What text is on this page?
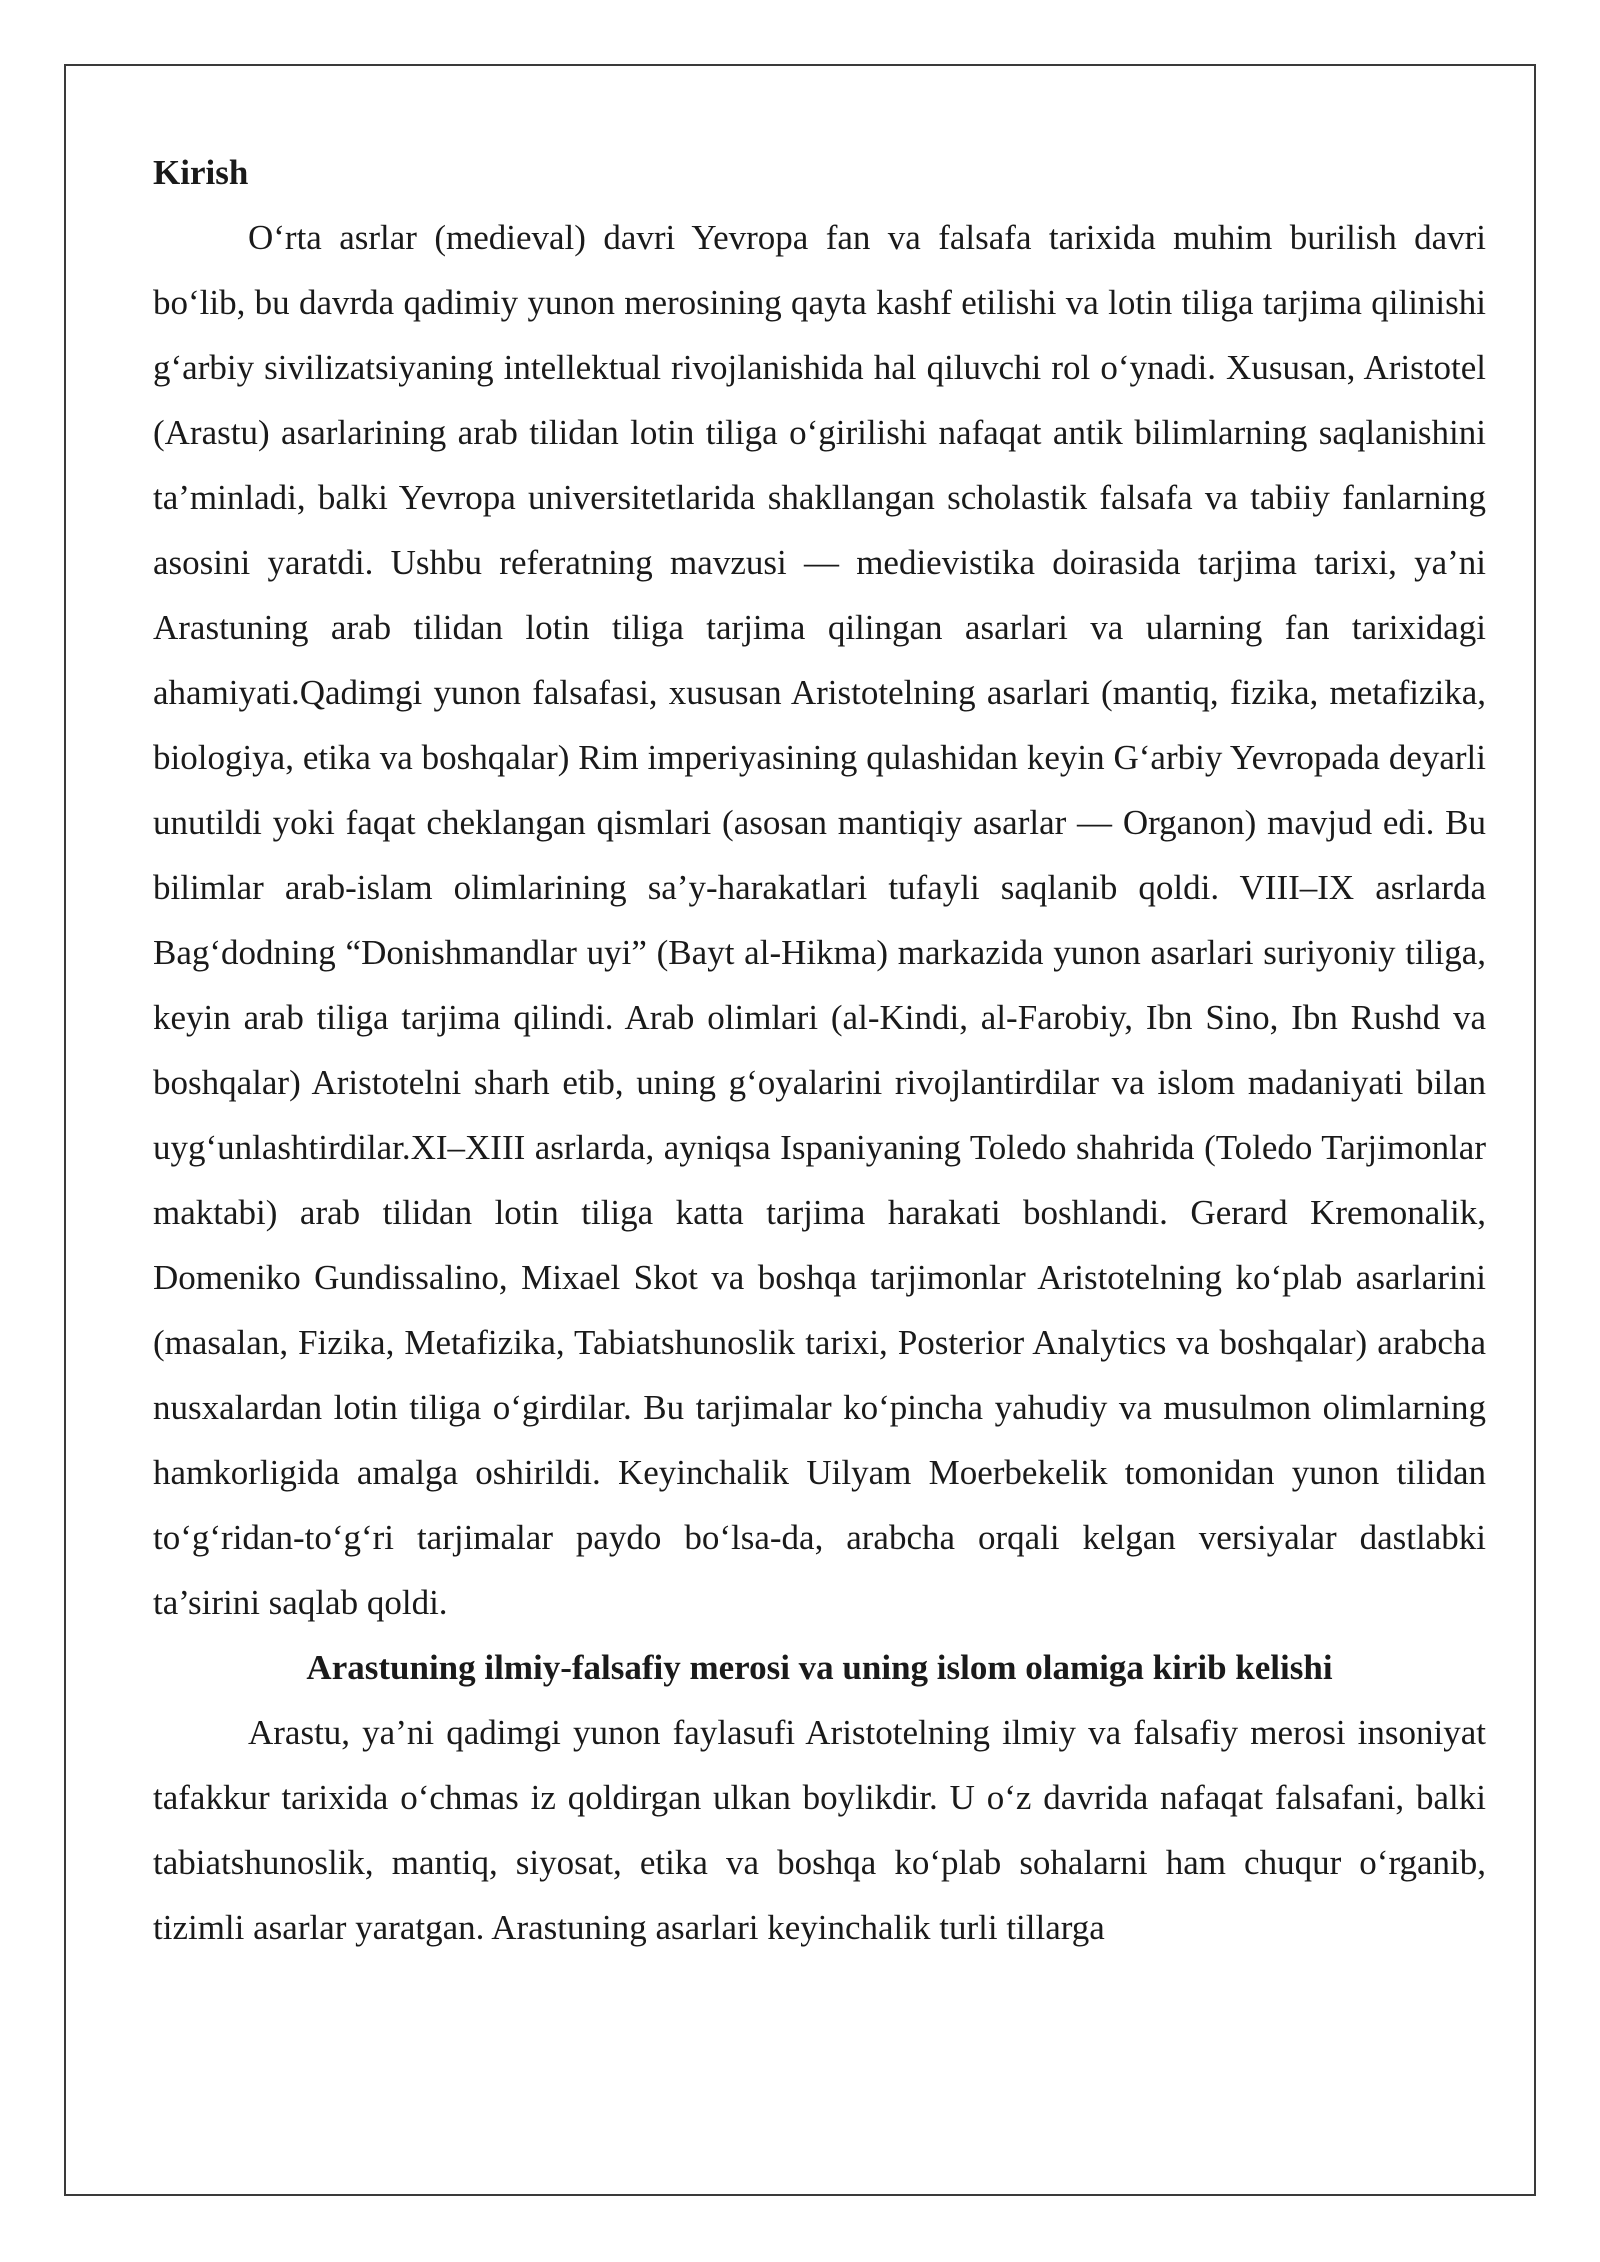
Kirish

O‘rta asrlar (medieval) davri Yevropa fan va falsafa tarixida muhim burilish davri bo‘lib, bu davrda qadimiy yunon merosining qayta kashf etilishi va lotin tiliga tarjima qilinishi g‘arbiy sivilizatsiyaning intellektual rivojlanishida hal qiluvchi rol o‘ynadi. Xususan, Aristotel (Arastu) asarlarining arab tilidan lotin tiliga o‘girilishi nafaqat antik bilimlarning saqlanishini ta’minladi, balki Yevropa universitetlarida shakllangan scholastik falsafa va tabiiy fanlarning asosini yaratdi. Ushbu referatning mavzusi — medievistika doirasida tarjima tarixi, ya’ni Arastuning arab tilidan lotin tiliga tarjima qilingan asarlari va ularning fan tarixidagi ahamiyati.Qadimgi yunon falsafasi, xususan Aristotelning asarlari (mantiq, fizika, metafizika, biologiya, etika va boshqalar) Rim imperiyasining qulashidan keyin G‘arbiy Yevropada deyarli unutildi yoki faqat cheklangan qismlari (asosan mantiqiy asarlar — Organon) mavjud edi. Bu bilimlar arab-islam olimlarining sa’y-harakatlari tufayli saqlanib qoldi. VIII–IX asrlarda Bag‘dodning “Donishmandlar uyi” (Bayt al-Hikma) markazida yunon asarlari suriyoniy tiliga, keyin arab tiliga tarjima qilindi. Arab olimlari (al-Kindi, al-Farobiy, Ibn Sino, Ibn Rushd va boshqalar) Aristotelni sharh etib, uning g‘oyalarini rivojlantirdilar va islom madaniyati bilan uyg‘unlashtirdilar.XI–XIII asrlarda, ayniqsa Ispaniyaning Toledo shahrida (Toledo Tarjimonlar maktabi) arab tilidan lotin tiliga katta tarjima harakati boshlandi. Gerard Kremonalik, Domeniko Gundissalino, Mixael Skot va boshqa tarjimonlar Aristotelning ko‘plab asarlarini (masalan, Fizika, Metafizika, Tabiatshunoslik tarixi, Posterior Analytics va boshqalar) arabcha nusxalardan lotin tiliga o‘girdilar. Bu tarjimalar ko‘pincha yahudiy va musulmon olimlarning hamkorligida amalga oshirildi. Keyinchalik Uilyam Moerbekelik tomonidan yunon tilidan to‘g‘ridan-to‘g‘ri tarjimalar paydo bo‘lsa-da, arabcha orqali kelgan versiyalar dastlabki ta’sirini saqlab qoldi.

Arastuning ilmiy-falsafiy merosi va uning islom olamiga kirib kelishi

Arastu, ya’ni qadimgi yunon faylasufi Aristotelning ilmiy va falsafiy merosi insoniyat tafakkur tarixida o‘chmas iz qoldirgan ulkan boylikdir. U o‘z davrida nafaqat falsafani, balki tabiatshunoslik, mantiq, siyosat, etika va boshqa ko‘plab sohalarni ham chuqur o‘rganib, tizimli asarlar yaratgan. Arastuning asarlari keyinchalik turli tillarga
